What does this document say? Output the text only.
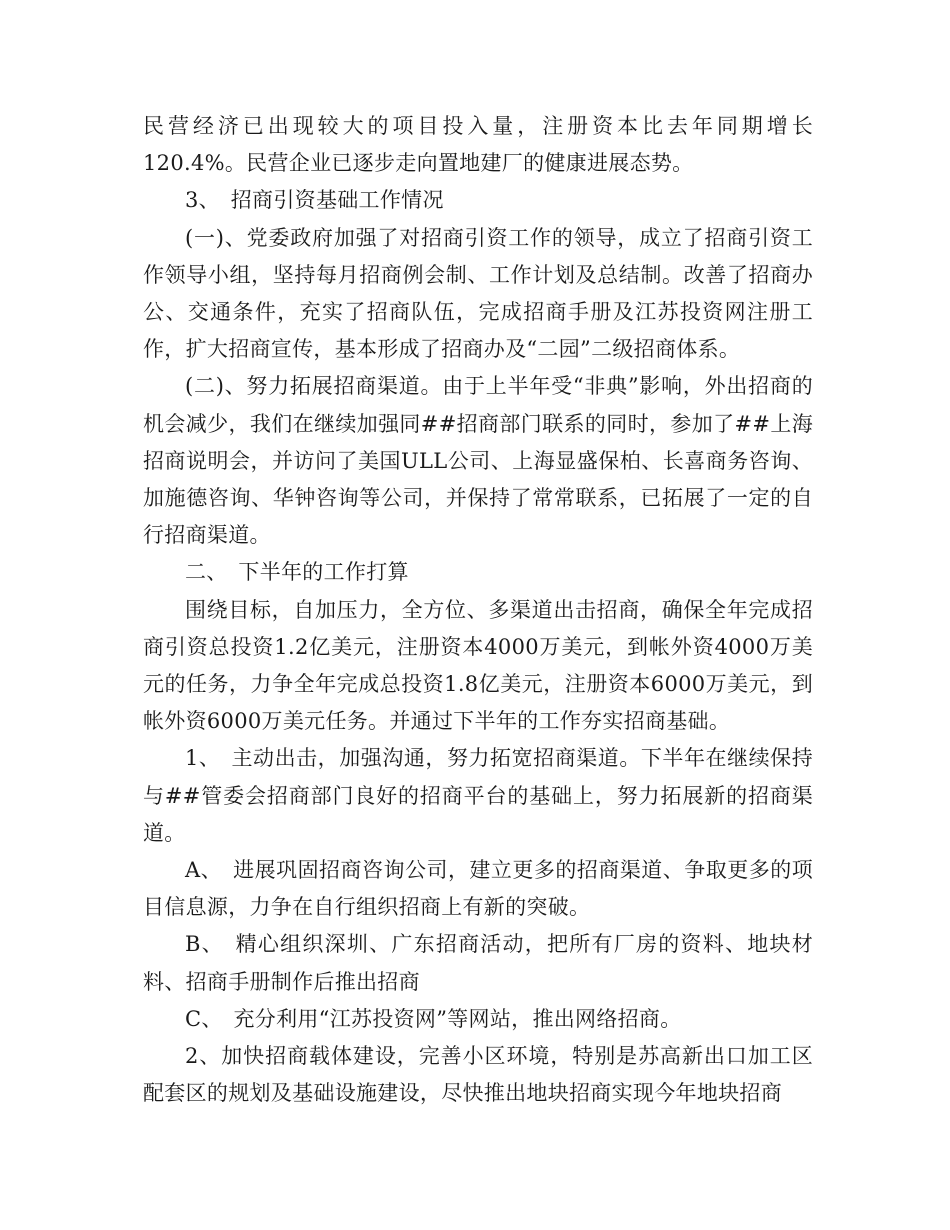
民营经济已出现较大的项目投入量，注册资本比去年同期增长120.4%。民营企业已逐步走向置地建厂的健康进展态势。

3、　招商引资基础工作情况

(一)、党委政府加强了对招商引资工作的领导，成立了招商引资工作领导小组，坚持每月招商例会制、工作计划及总结制。改善了招商办公、交通条件，充实了招商队伍，完成招商手册及江苏投资网注册工作，扩大招商宣传，基本形成了招商办及“二园”二级招商体系。

(二)、努力拓展招商渠道。由于上半年受“非典”影响，外出招商的机会减少，我们在继续加强同##招商部门联系的同时，参加了##上海招商说明会，并访问了美国ULL公司、上海显盛保柏、长喜商务咨询、加施德咨询、华钟咨询等公司，并保持了常常联系，已拓展了一定的自行招商渠道。

二、　下半年的工作打算

围绕目标，自加压力，全方位、多渠道出击招商，确保全年完成招商引资总投资1.2亿美元，注册资本4000万美元，到帐外资4000万美元的任务，力争全年完成总投资1.8亿美元，注册资本6000万美元，到帐外资6000万美元任务。并通过下半年的工作夯实招商基础。

1、　主动出击，加强沟通，努力拓宽招商渠道。下半年在继续保持与##管委会招商部门良好的招商平台的基础上，努力拓展新的招商渠道。

A、　进展巩固招商咨询公司，建立更多的招商渠道、争取更多的项目信息源，力争在自行组织招商上有新的突破。

B、　精心组织深圳、广东招商活动，把所有厂房的资料、地块材料、招商手册制作后推出招商

C、　充分利用“江苏投资网”等网站，推出网络招商。

2、加快招商载体建设，完善小区环境，特别是苏高新出口加工区配套区的规划及基础设施建设，尽快推出地块招商实现今年地块招商
